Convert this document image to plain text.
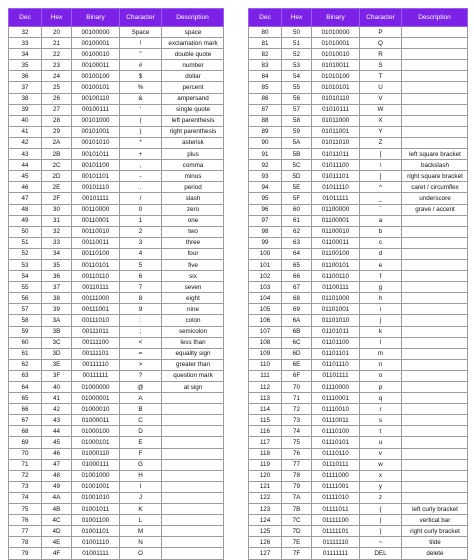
Dec	Hex	Binary	Character	Description
32	20	00100000	Space	space
33	21	00100001	!	exclamation mark
34	22	00100010	"	double quote
35	23	00100011	#	number
36	24	00100100	$	dollar
37	25	00100101	%	percent
38	26	00100110	&	ampersand
39	27	00100111	'	single quote
40	28	00101000	(	left parenthesis
41	29	00101001	)	right parenthesis
42	2A	00101010	*	asterisk
43	2B	00101011	+	plus
44	2C	00101100	,	comma
45	2D	00101101	-	minus
46	2E	00101110	.	period
47	2F	00101111	/	slash
48	30	00110000	0	zero
49	31	00110001	1	one
50	32	00110010	2	two
51	33	00110011	3	three
52	34	00110100	4	four
53	35	00110101	5	five
54	36	00110110	6	six
55	37	00110111	7	seven
56	38	00111000	8	eight
57	39	00111001	9	nine
58	3A	00111010	:	colon
59	3B	00111011	;	semicolon
60	3C	00111100	<	less than
61	3D	00111101	=	equality sign
62	3E	00111110	>	greater than
63	3F	00111111	?	question mark
64	40	01000000	@	at sign
65	41	01000001	A	
66	42	01000010	B	
67	43	01000011	C	
68	44	01000100	D	
69	45	01000101	E	
70	46	01000110	F	
71	47	01000111	G	
72	48	01001000	H	
73	49	01001001	I	
74	4A	01001010	J	
75	4B	01001011	K	
76	4C	01001100	L	
77	4D	01001101	M	
78	4E	01001110	N	
79	4F	01001111	O	
Dec	Hex	Binary	Character	Description
80	50	01010000	P	
81	51	01010001	Q	
82	52	01010010	R	
83	53	01010011	S	
84	54	01010100	T	
85	55	01010101	U	
86	56	01010110	V	
87	57	01010111	W	
88	58	01011000	X	
89	59	01011001	Y	
90	5A	01011010	Z	
91	5B	01011011	[	left square bracket
92	5C	01011100	\	backslash
93	5D	01011101	]	right square bracket
94	5E	01011110	^	caret / circumflex
95	5F	01011111	_	underscore
96	60	01100000	`	grave / accent
97	61	01100001	a	
98	62	01100010	b	
99	63	01100011	c	
100	64	01100100	d	
101	65	01100101	e	
102	66	01100110	f	
103	67	01100111	g	
104	68	01101000	h	
105	69	01101001	i	
106	6A	01101010	j	
107	6B	01101011	k	
108	6C	01101100	l	
109	6D	01101101	m	
110	6E	01101110	n	
111	6F	01101111	o	
112	70	01110000	p	
113	71	01110001	q	
114	72	01110010	r	
115	73	01110011	s	
116	74	01110100	t	
117	75	01110101	u	
118	76	01110110	v	
119	77	01110111	w	
120	78	01111000	x	
121	79	01111001	y	
122	7A	01111010	z	
123	7B	01111011	{	left curly bracket
124	7C	01111100	|	vertical bar
125	7D	01111101	}	right curly bracket
126	7E	01111110	~	tilde
127	7F	01111111	DEL	delete
